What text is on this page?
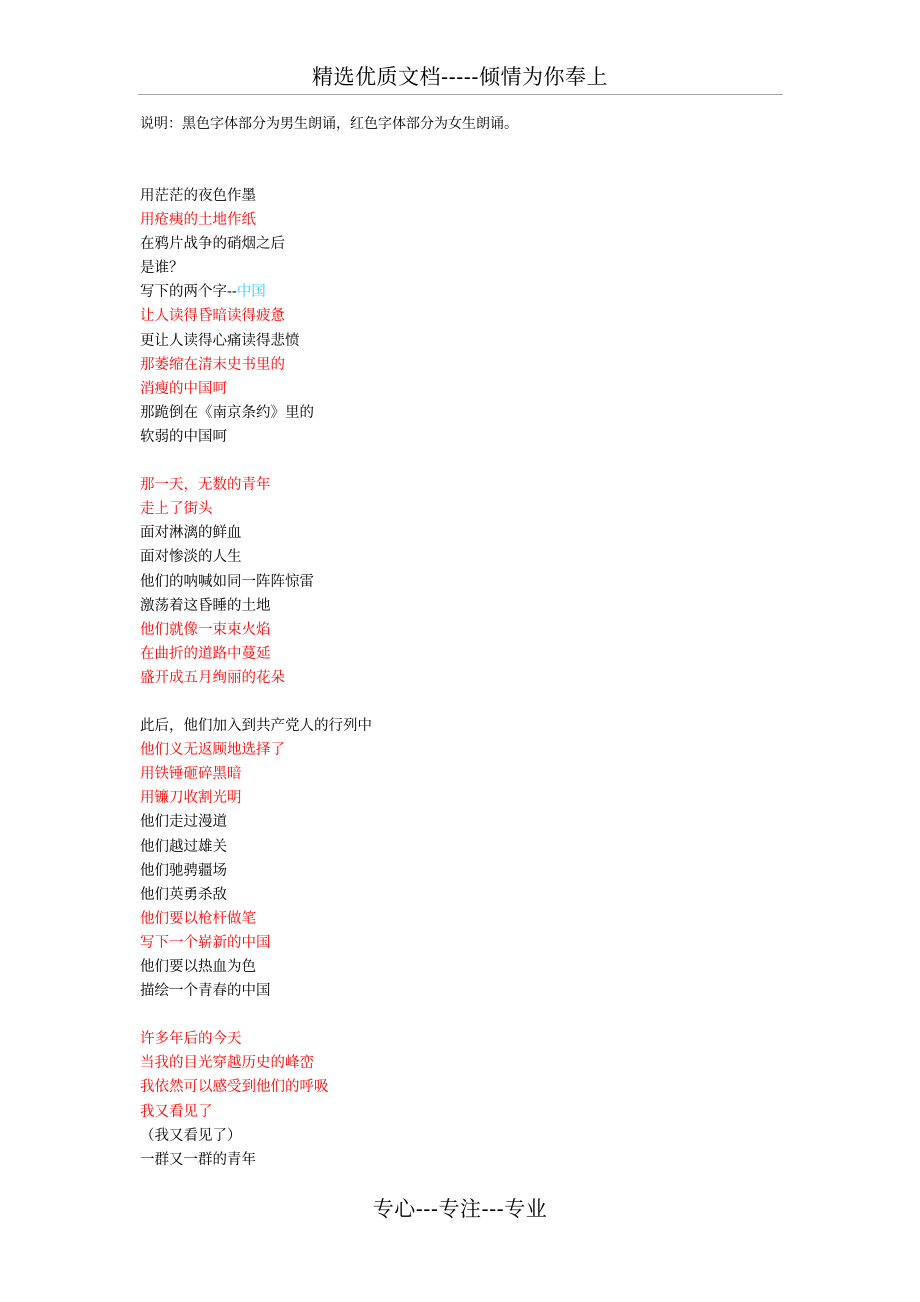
精选优质文档-----倾情为你奉上
说明：黑色字体部分为男生朗诵，红色字体部分为女生朗诵。
用茫茫的夜色作墨
用疮痍的土地作纸
在鸦片战争的硝烟之后
是谁？
写下的两个字--中国
让人读得昏暗读得疲惫
更让人读得心痛读得悲愤
那萎缩在清末史书里的
消瘦的中国呵
那跪倒在《南京条约》里的
软弱的中国呵
那一天，无数的青年
走上了街头
面对淋漓的鲜血
面对惨淡的人生
他们的呐喊如同一阵阵惊雷
激荡着这昏睡的土地
他们就像一束束火焰
在曲折的道路中蔓延
盛开成五月绚丽的花朵
此后，他们加入到共产党人的行列中
他们义无返顾地选择了
用铁锤砸碎黑暗
用镰刀收割光明
他们走过漫道
他们越过雄关
他们驰骋疆场
他们英勇杀敌
他们要以枪杆做笔
写下一个崭新的中国
他们要以热血为色
描绘一个青春的中国
许多年后的今天
当我的目光穿越历史的峰峦
我依然可以感受到他们的呼吸
我又看见了
（我又看见了）
一群又一群的青年
专心---专注---专业
